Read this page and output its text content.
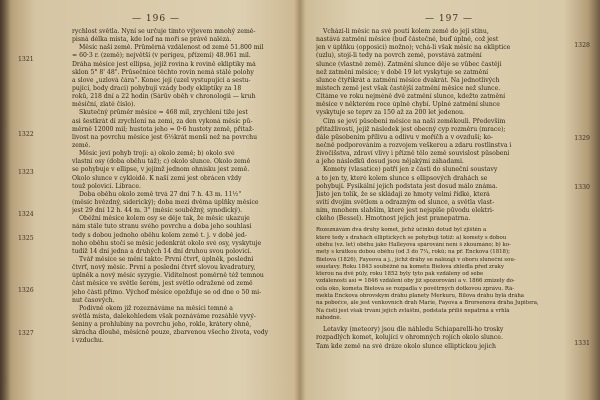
— 196 —
1321
1322
1323
1324
1325
1326
1327
rychlost světla. Nyní se určuje tímto výjevem mnohý země-
pisná délka místa, kde loď na moři se právě nalézá.
Měsíc naší země. Průměrná vzdálenost od země 51.800 mil
= 60·3 r. (země); největší (v perigeu, přízemí) 48.961 mil.
Dráha měsíce jest ellipsa, jejíž rovina k rovině ekliptiky má
sklon 5° 8' 48". Průsečníce těchto rovin nemá stálé polohy
a slove „uzlová čára“. Konec její (uzel vystupující a sestu-
pující, body draci) pohybují vzády body ekliptiky za 18
roků, 218 dní a 22 hodin (Sárův oběh v chronologii — kruh
měsíční, zlaté číslo).
Skutečný průměr měsíce = 468 mil, zrychlení tíže jest
asi šestkrát dí zrychlení na zemi, za den vykoná měsíc pů-
měrně 12000 mil; hustota jeho = 0·6 hustoty země, přitaž-
livost na povrchu měsíce jest 6½krát menší než na povrchu
země.
Měsíc jeví pohyb trojí: a) okolo země; b) okolo své
vlastní osy (doba oběhu táž); c) okolo slunce. Okolo země
se pohybuje v ellipse, v jejímž jednom ohnisku jest země.
Okolo slunce v cykloidě. K naší zemi jest obrácen vždy
touž polovicí. Librace.
Doba oběhu okolo země trvá 27 dní 7 h. 43 m. 11½"
(měsíc hvězdný, siderický); doba mezi dvěma úplňky měsíce
jest 29 dní 12 h. 44 m. 3" (měsíc souběžný, synodický).
Oběžní měsíce kolem osy se děje tak, že měsíc ukazuje
nám stále tuto stranu svého povrchu a doba jeho souhlasí
tedy s dobou jednoho oběhu kolem země t. j. v době jed-
noho oběhu stočí se měsíc jedenkrát okolo své osy, vyskytuje
tudíž 14 dní jedna a druhých 14 dní druhou svou polovicí.
Tvář měsíce se mění takto: První čtvrť, úplněk, poslední
čtvrť, nový měsíc. První a poslední čtvrť slovou kvadratury,
úplněk a nový měsíc syzygie. Viditelnost poměrně též temnou
část měsíce ve světle šerém, jest světlo odražené od země
jeho části přímo. Výchoď měsíce opožďuje se od dne o 50 mi-
nut časových.
Podivně okem již rozeznáváme na měsíci temné a
světlá místa, dalekohledem však poznáváme rozsáhlé vyvý-
šeniny a prohlubiny na povrchu jeho, rokle, krátery ohně,
skrácha dlouhé, měsícně pouze, zbarvenou všecho života, vody
i vzduchu.
— 197 —
1328
1329
1330
1331
Vchází-li měsíc na své pouti kolem země do její stínu,
nastává zatmění měsíce (buď částečné, buď úplné, což jest
jen v úplňku (opposici) možno); vchá-li však měsíc na ekliptice
(uzlu), stojí-li tedy na povrch země, povstává zatmění
slunce (vlastně země). Zatmění slunce děje se vůbec častěji
než zatmění měsíce; v době 19 let vyskytuje se zatmění
slunce čtyřikrát a zatmění měsíce dvakrát. Na jednotlivých
místech země jest však častější zatmění měsíce než slunce.
Čítáme ve roku nejméně dvě zatmění slunce, kdežto zatmění
měsíce v některém roce úplně chybí. Úplné zatmění slunce
vyskytuje se teprv za 150 až za 200 let jedenou.
Čím se jeví působení měsíce na naši zeměkouli. Především
přitažlivostí, jejíž následek jest obecný cyp rozměru (mrace);
dále působením přílivu a odlivu v moříčh a v ovzduší; ko-
nečně podporováním a rozvojem veškerou a zdaru rostlinstva i
živočišstva, zdraví vlivy i přízně tělo země souvislost působení
a jeho následků dosud jsou nějakými záhadami.
Komety (vlasatice) patří jen z části do sluneční soustavy
a to jen ty, které kolem slunce s ellipsových drahách se
pohybují. Fysikální jejich podstata jest dosud málo známa.
Jisto jen tolik, že se skládají ze hmoty velmi řídké, která
svítí dvojím světlem a odrazným od slunce, a světla vlast-
ním, mnohem slabším, které jest nejspíše původu elektri-
ckého (Bessel). Hmotnost jejich jest pranepatrna.
Rozeznávám dva druhy komet, jichž účinků dotud byl zjištěn a
které tedy s drahách elliptických se pohybují totiž: a) komety s dobou
oběhu (vz. let) oběhu jako Halleyova spárování není š zkoumáno; b) ko-
mety s krátkou dobou oběhu (od 3 do 7¼, roků; na př. Enckova (1818);
Bielova (1826), Fayeova a j., jichž dráhy se nalézají v oboru sluneční sou-
soustavy. Roku 1843 souběžně na kometu Bielova zhlédla před zraky
kterou na dvě půly, roku 1852 byly tyto pak vzdáleny od sebe
vzdáleností asi = 1846 vzdáleni oby již spozorováni a v. 1866 zmizely do-
cela oko, kometa Bielova se rozpadla v povětrných dotkovou zprávu. Rá-
mekta Enckova obrovským dráhu planety Merkuru, Bilova dráhu bylá dráha
na pobočce, ale jest venkovních drah Marie, Fayova a Brorsenova dráha Jupitera,
Na čísti jest však trvání jejich zvláštní, podstata příliš nepatrná a vrhlá
náhodně.
Letavky (meteory) jsou dle náhledu Schiaparelli-ho trosky
rozpadlých komet, kolující v ohromných rojích okolo slunce.
Tam kde země na své dráze okolo slunce elliptickou jejich
